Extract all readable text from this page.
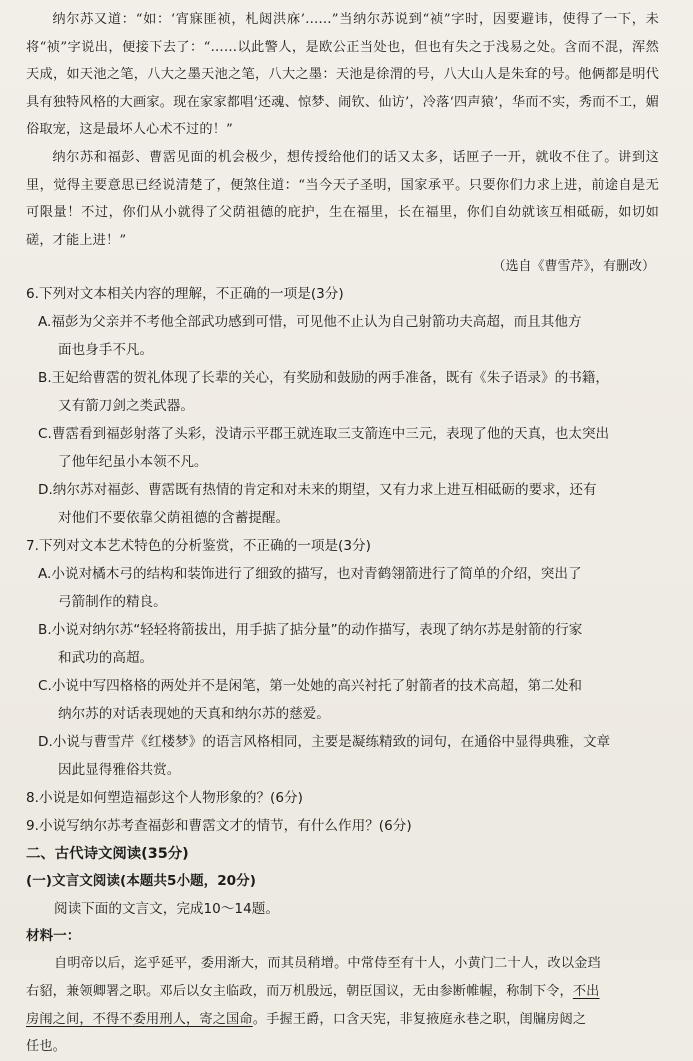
纳尔苏又道：“如：‘宵寐匪祯，札闼洪庥’……”当纳尔苏说到“祯”字时，因要避讳，使得了一下，未将“祯”字说出，便接下去了：“……以此警人，是欧公正当处也，但也有失之于浅易之处。含而不混，浑然天成，如天池之笔，八大之墨天池之笔，八大之墨：天池是徐渭的号，八大山人是朱耷的号。他俩都是明代具有独特风格的大画家。现在家家都唱‘还魂、惊梦、闹钦、仙访’，冷落‘四声猿’，华而不实，秀而不工，媚俗取宠，这是最坏人心术不过的！”

纳尔苏和福彭、曹霑见面的机会极少，想传授给他们的话又太多，话匣子一开，就收不住了。讲到这里，觉得主要意思已经说清楚了，便煞住道：“当今天子圣明，国家承平。只要你们力求上进，前途自是无可限量！不过，你们从小就得了父荫祖德的庇护，生在福里，长在福里，你们自幼就该互相砥砺，如切如磋，才能上进！”

（选自《曹雪芹》，有删改）

6.下列对文本相关内容的理解，不正确的一项是(3分)

A.福彭为父亲并不考他全部武功感到可惜，可见他不止认为自己射箭功夫高超，而且其他方

面也身手不凡。

B.王妃给曹霑的贺礼体现了长辈的关心，有奖励和鼓励的两手准备，既有《朱子语录》的书籍，

又有箭刀剑之类武器。

C.曹霑看到福彭射落了头彩，没请示平郡王就连取三支箭连中三元，表现了他的天真，也太突出

了他年纪虽小本领不凡。

D.纳尔苏对福彭、曹霑既有热情的肯定和对未来的期望，又有力求上进互相砥砺的要求，还有

对他们不要依靠父荫祖德的含蓄提醒。

7.下列对文本艺术特色的分析鉴赏，不正确的一项是(3分)

A.小说对橘木弓的结构和装饰进行了细致的描写，也对青鹤翎箭进行了简单的介绍，突出了

弓箭制作的精良。

B.小说对纳尔苏“轻轻将箭拔出，用手掂了掂分量”的动作描写，表现了纳尔苏是射箭的行家

和武功的高超。

C.小说中写四格格的两处并不是闲笔，第一处她的高兴衬托了射箭者的技术高超，第二处和

纳尔苏的对话表现她的天真和纳尔苏的慈爱。

D.小说与曹雪芹《红楼梦》的语言风格相同，主要是凝练精致的词句，在通俗中显得典雅，文章

因此显得雅俗共赏。

8.小说是如何塑造福彭这个人物形象的？(6分)

9.小说写纳尔苏考查福彭和曹霑文才的情节，有什么作用？(6分)

二、古代诗文阅读(35分)

(一)文言文阅读(本题共5小题，20分)

阅读下面的文言文，完成10～14题。

材料一：

自明帝以后，迄乎延平，委用渐大，而其员稍增。中常侍至有十人，小黄门二十人，改以金珰

右貂，兼领卿署之职。邓后以女主临政，而万机殷远，朝臣国议，无由参断帷幄，称制下令，不出

房闱之间，不得不委用刑人，寄之国命。手握王爵，口含天宪，非复掖庭永巷之职，闺牖房闼之

任也。
